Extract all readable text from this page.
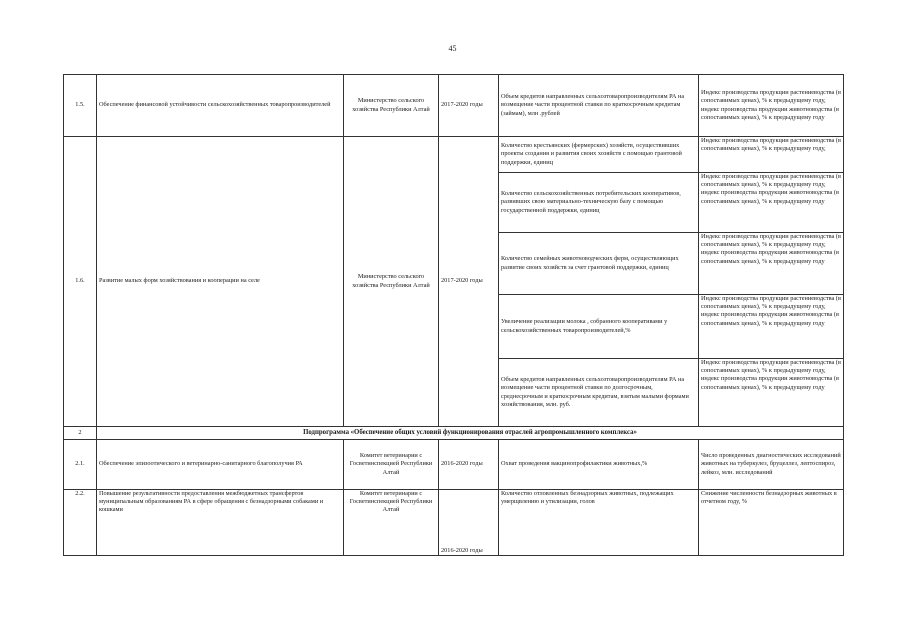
45
1.5.	Обеспечение финансовой устойчивости сельскохозяйственных товаропроизводителей	Министерство сельского хозяйства Республики Алтай	2017-2020 годы	Объем кредитов направленных сельхозтоваропроизводителям РА на возмещение части процентной ставки по краткосрочным кредитам (займам), млн .рублей	Индекс производства продукции растениеводства (в сопоставимых ценах), % к предыдущему году, индекс производства продукции животноводства (в сопоставимых ценах), % к предыдущему году
1.6.	Развитие малых форм хозяйствования и кооперации на селе	Министерство сельского хозяйства Республики Алтай	2017-2020 годы	Количество крестьянских (фермерских) хозяйств, осуществивших проекты создания и развития своих хозяйств с помощью грантовой поддержки, единиц	Индекс производства продукции растениеводства (в сопоставимых ценах), % к предыдущему году,
				Количество сельскохозяйственных потребительских кооперативов, развивших свою материально-техническую базу с помощью государственной поддержки, единиц	Индекс производства продукции растениеводства (в сопоставимых ценах), % к предыдущему году, индекс производства продукции животноводства (в сопоставимых ценах), % к предыдущему году
				Количество семейных животноводческих ферм, осуществляющих развитие своих хозяйств за счет грантовой поддержки, единиц	Индекс производства продукции растениеводства (в сопоставимых ценах), % к предыдущему году, индекс производства продукции животноводства (в сопоставимых ценах), % к предыдущему году
				Увеличение реализации молока , собранного кооперативами у сельскохозяйственных товаропроизводителей,%	Индекс производства продукции растениеводства (в сопоставимых ценах), % к предыдущему году, индекс производства продукции животноводства (в сопоставимых ценах), % к предыдущему году
				Объем кредитов направленных сельхозтоваропроизводителям РА на возмещение части процентной ставки по долгосрочным, среднесрочным и краткосрочным кредитам, взятым малыми формами хозяйствования, млн. руб.	Индекс производства продукции растениеводства (в сопоставимых ценах), % к предыдущему году, индекс производства продукции животноводства (в сопоставимых ценах), % к предыдущему году
2	Подпрограмма «Обеспечение общих условий функционирования отраслей агропромышленного комплекса»				
2.1.	Обеспечение эпизоотического и ветеринарно-санитарного благополучия РА	Комитет ветеринарии с Госветинспекцией Республики Алтай	2016-2020 годы	Охват проведения вакцинопрофилактики животных,%	Число проведенных диагностических исследований животных на туберкулез, бруцеллез, лептоспироз, лейкоз, млн. исследований
2.2.	Повышение результативности предоставления межбюджетных трансфертов муниципальным образованиям РА в сфере обращения с безнадзорными собаками и кошками	Комитет ветеринарии с Госветинспекцией Республики Алтай	2016-2020 годы	Количество отловленных безнадзорных животных, подлежащих умерщвлению и утилизации, голов	Снижение численности безнадзорных животных в отчетном году, %
